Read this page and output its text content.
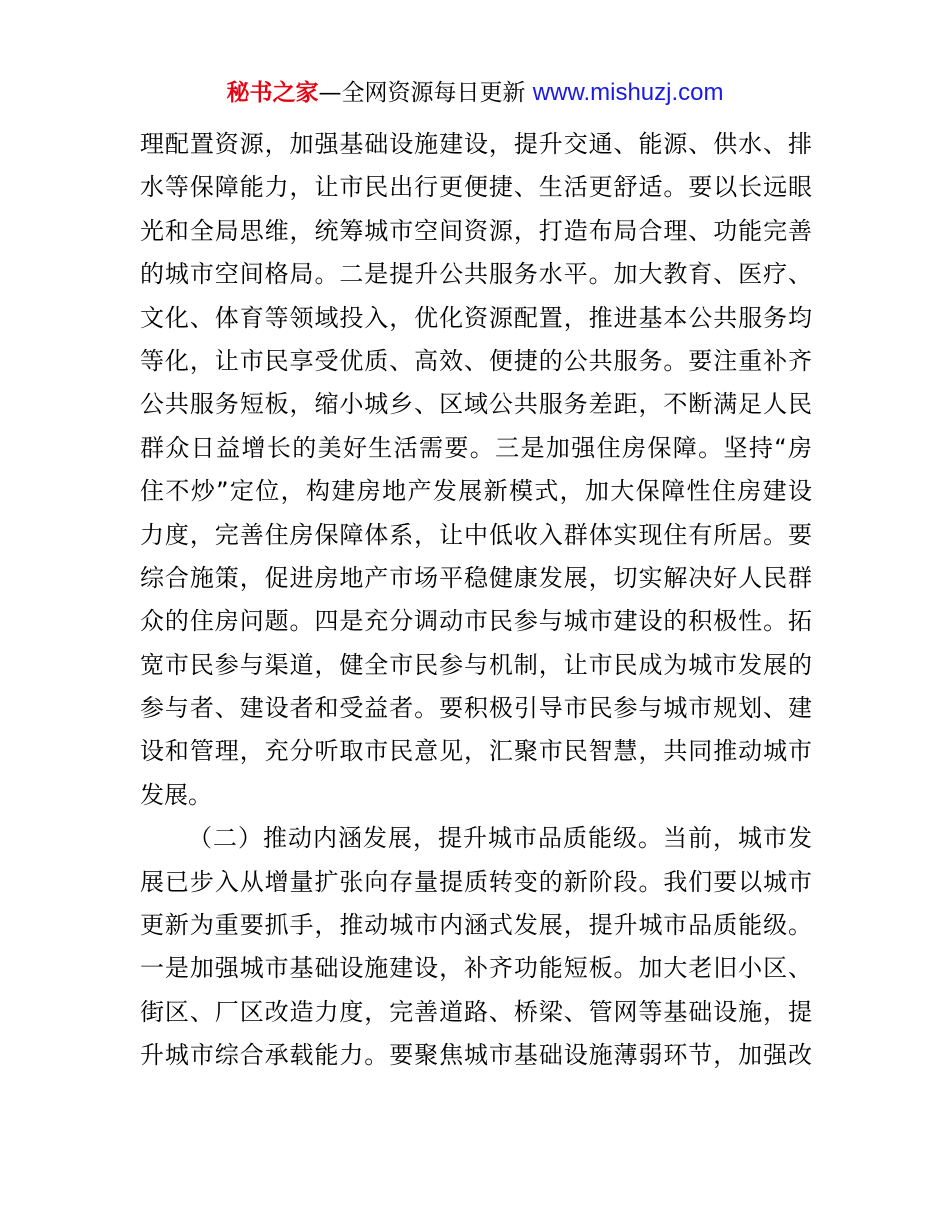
秘书之家—全网资源每日更新 www.mishuzj.com
理配置资源，加强基础设施建设，提升交通、能源、供水、排
水等保障能力，让市民出行更便捷、生活更舒适。要以长远眼
光和全局思维，统筹城市空间资源，打造布局合理、功能完善
的城市空间格局。二是提升公共服务水平。加大教育、医疗、
文化、体育等领域投入，优化资源配置，推进基本公共服务均
等化，让市民享受优质、高效、便捷的公共服务。要注重补齐
公共服务短板，缩小城乡、区域公共服务差距，不断满足人民
群众日益增长的美好生活需要。三是加强住房保障。坚持“房
住不炒”定位，构建房地产发展新模式，加大保障性住房建设
力度，完善住房保障体系，让中低收入群体实现住有所居。要
综合施策，促进房地产市场平稳健康发展，切实解决好人民群
众的住房问题。四是充分调动市民参与城市建设的积极性。拓
宽市民参与渠道，健全市民参与机制，让市民成为城市发展的
参与者、建设者和受益者。要积极引导市民参与城市规划、建
设和管理，充分听取市民意见，汇聚市民智慧，共同推动城市
发展。
（二）推动内涵发展，提升城市品质能级。当前，城市发
展已步入从增量扩张向存量提质转变的新阶段。我们要以城市
更新为重要抓手，推动城市内涵式发展，提升城市品质能级。
一是加强城市基础设施建设，补齐功能短板。加大老旧小区、
街区、厂区改造力度，完善道路、桥梁、管网等基础设施，提
升城市综合承载能力。要聚焦城市基础设施薄弱环节，加强改
